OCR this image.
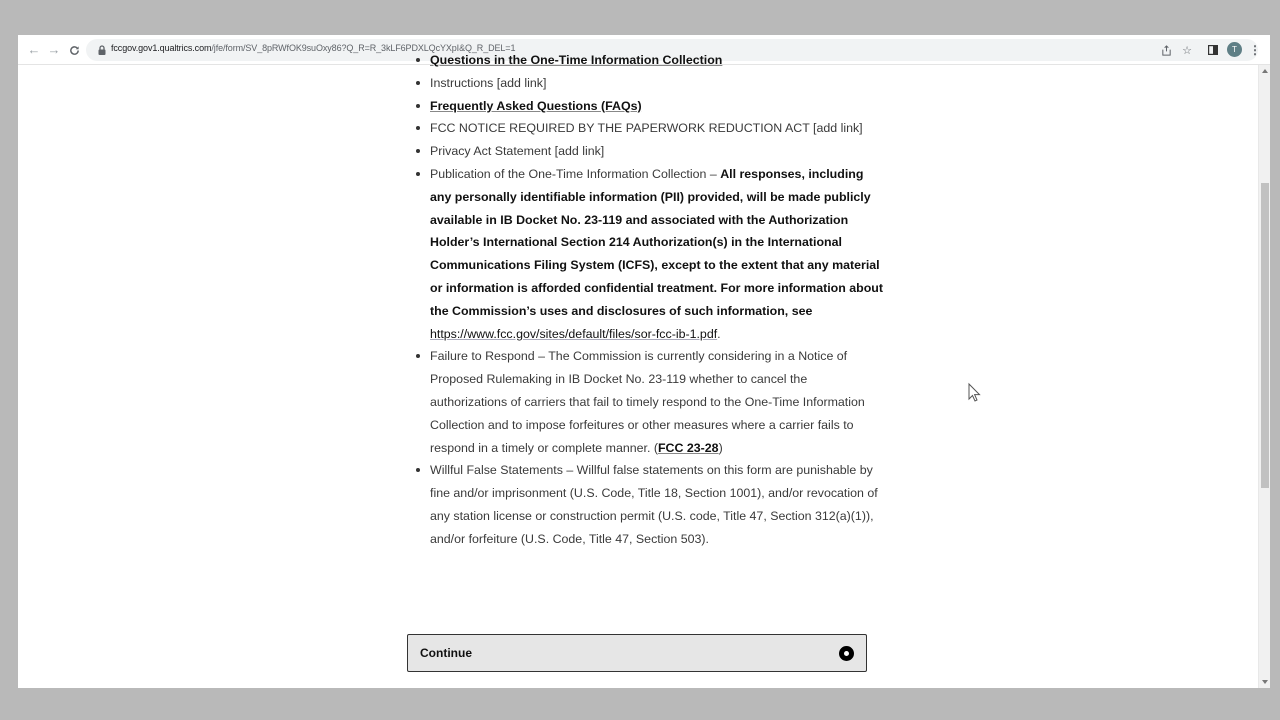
← →	fccgov.gov1.qualtrics.com/jfe/form/SV_8pRWfOK9suOxy86?Q_R=R_3kLF6PDXLQcYXpI&Q_R_DEL=1	☆	T	⋮
Questions in the One-Time Information Collection
Instructions [add link]
Frequently Asked Questions (FAQs)
FCC NOTICE REQUIRED BY THE PAPERWORK REDUCTION ACT [add link]
Privacy Act Statement [add link]
Publication of the One-Time Information Collection – All responses, including any personally identifiable information (PII) provided, will be made publicly available in IB Docket No. 23-119 and associated with the Authorization Holder’s International Section 214 Authorization(s) in the International Communications Filing System (ICFS), except to the extent that any material or information is afforded confidential treatment. For more information about the Commission’s uses and disclosures of such information, see https://www.fcc.gov/sites/default/files/sor-fcc-ib-1.pdf.
Failure to Respond – The Commission is currently considering in a Notice of Proposed Rulemaking in IB Docket No. 23-119 whether to cancel the authorizations of carriers that fail to timely respond to the One-Time Information Collection and to impose forfeitures or other measures where a carrier fails to respond in a timely or complete manner. (FCC 23-28)
Willful False Statements – Willful false statements on this form are punishable by fine and/or imprisonment (U.S. Code, Title 18, Section 1001), and/or revocation of any station license or construction permit (U.S. code, Title 47, Section 312(a)(1)), and/or forfeiture (U.S. Code, Title 47, Section 503).
Continue
